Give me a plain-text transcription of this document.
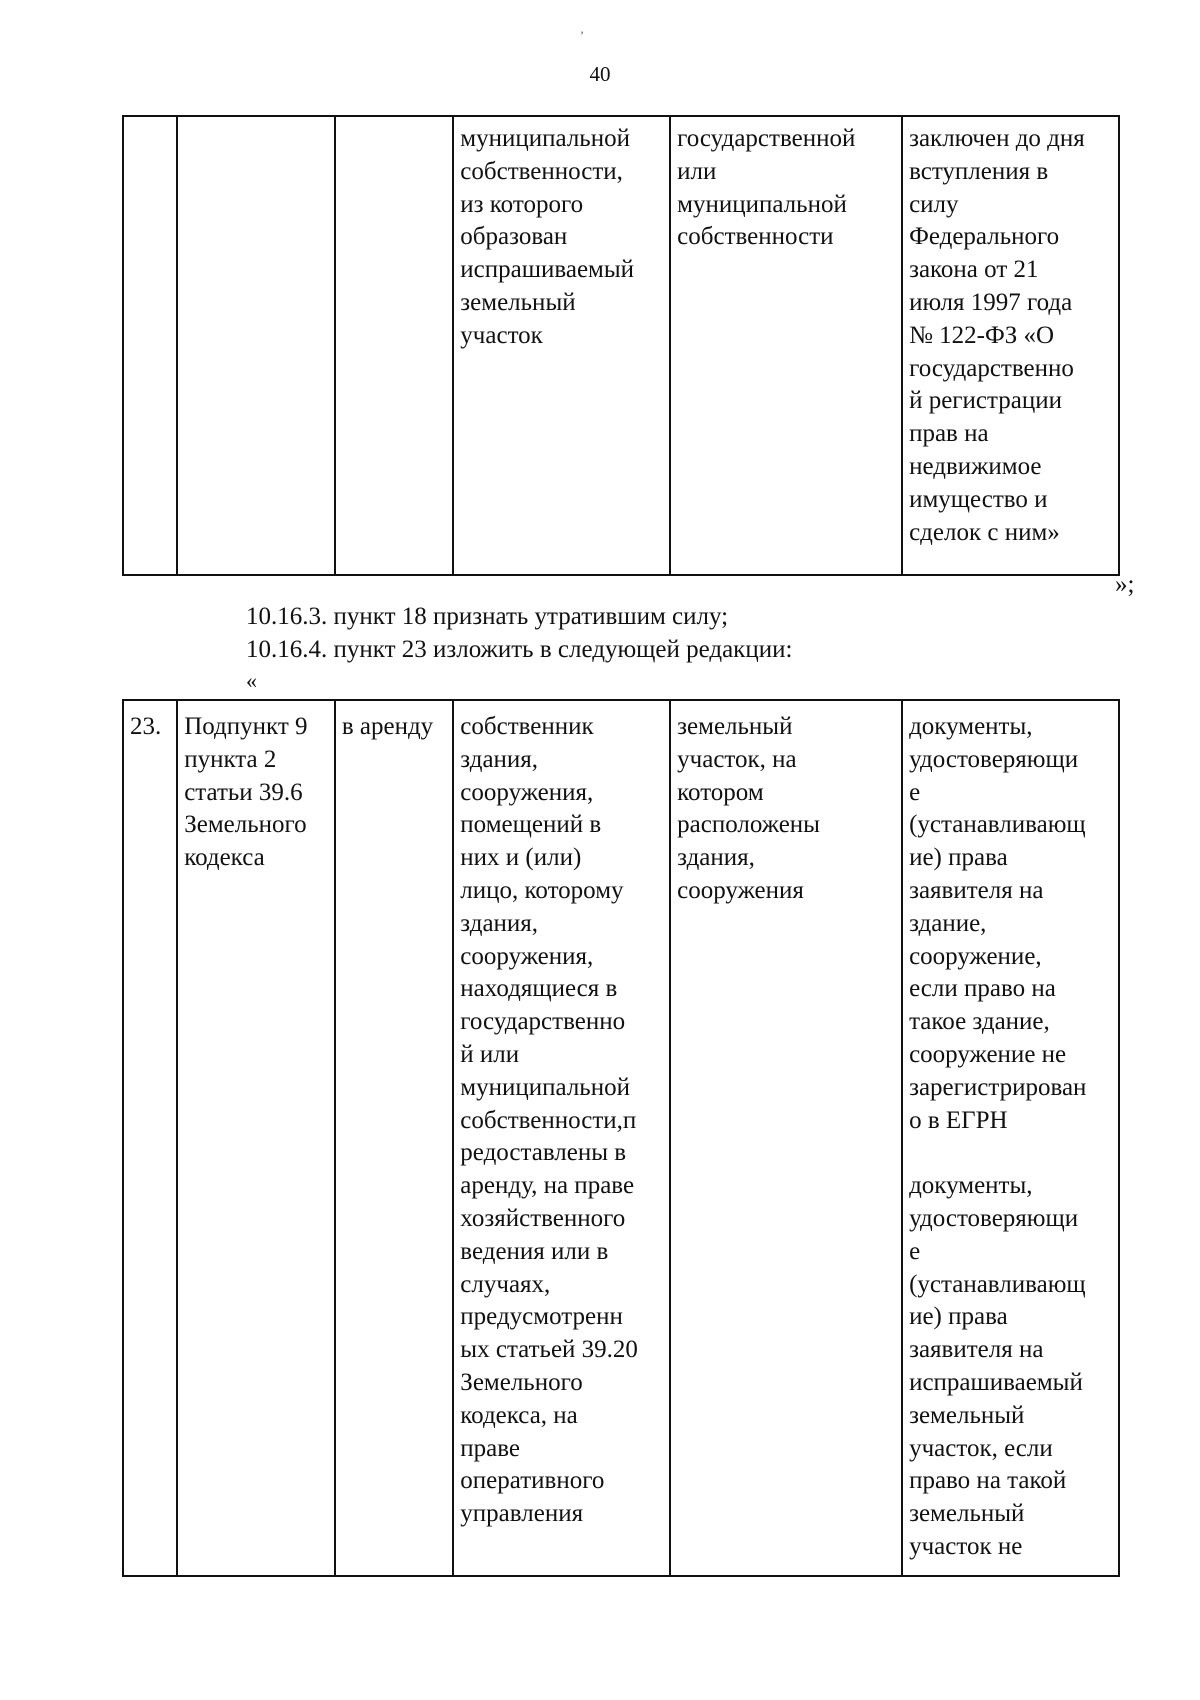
’
40
			муниципальной
собственности,
из которого
образован
испрашиваемый
земельный
участок	государственной
или
муниципальной
собственности	заключен до дня
вступления в
силу
Федерального
закона от 21
июля 1997 года
№ 122-ФЗ «О
государственно
й регистрации
прав на
недвижимое
имущество и
сделок с ним»
»;
10.16.3. пункт 18 признать утратившим силу;
10.16.4. пункт 23 изложить в следующей редакции:
«
23.	Подпункт 9
пункта 2
статьи 39.6
Земельного
кодекса	в аренду	собственник
здания,
сооружения,
помещений в
них и (или)
лицо, которому
здания,
сооружения,
находящиеся в
государственно
й или
муниципальной
собственности,п
редоставлены в
аренду, на праве
хозяйственного
ведения или в
случаях,
предусмотренн
ых статьей 39.20
Земельного
кодекса, на
праве
оперативного
управления	земельный
участок, на
котором
расположены
здания,
сооружения	документы,
удостоверяющи
е
(устанавливающ
ие) права
заявителя на
здание,
сооружение,
если право на
такое здание,
сооружение не
зарегистрирован
о в ЕГРН

документы,
удостоверяющи
е
(устанавливающ
ие) права
заявителя на
испрашиваемый
земельный
участок, если
право на такой
земельный
участок не
